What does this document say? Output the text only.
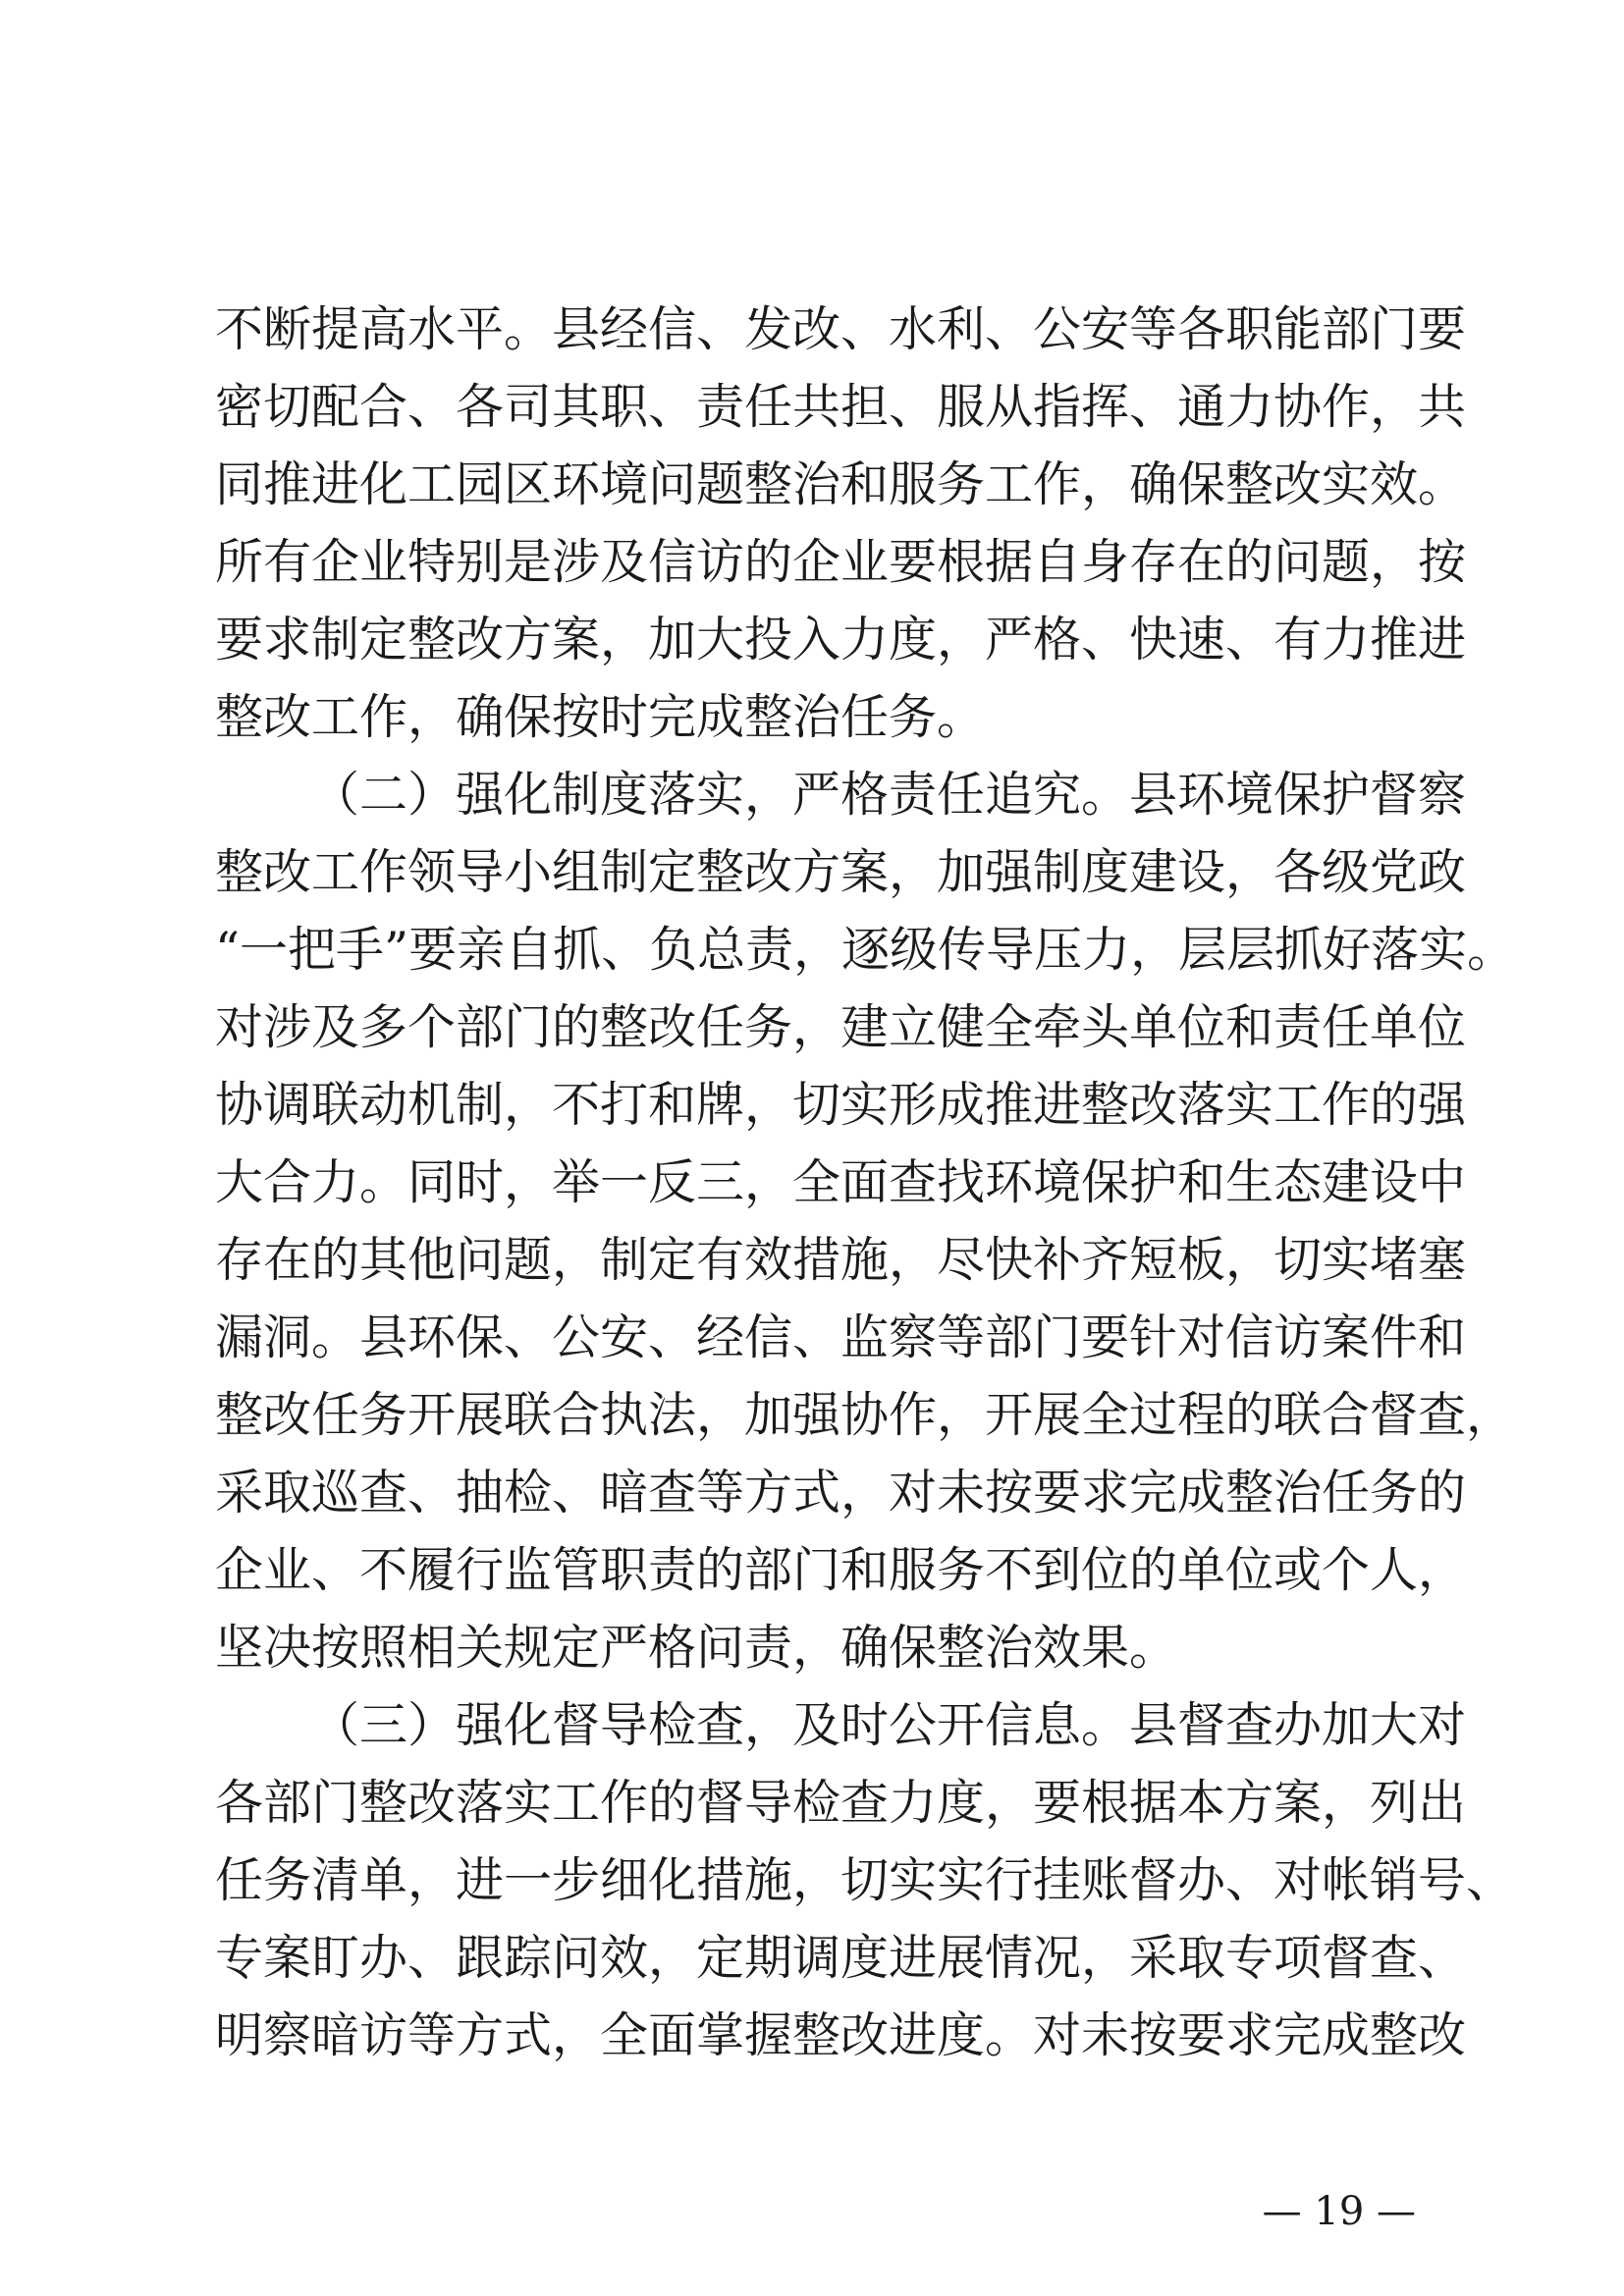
不断提高水平。县经信、发改、水利、公安等各职能部门要
密切配合、各司其职、责任共担、服从指挥、通力协作，共
同推进化工园区环境问题整治和服务工作，确保整改实效。
所有企业特别是涉及信访的企业要根据自身存在的问题，按
要求制定整改方案，加大投入力度，严格、快速、有力推进
整改工作，确保按时完成整治任务。
（二）强化制度落实，严格责任追究。县环境保护督察
整改工作领导小组制定整改方案，加强制度建设，各级党政
“一把手”要亲自抓、负总责，逐级传导压力，层层抓好落实。
对涉及多个部门的整改任务，建立健全牵头单位和责任单位
协调联动机制，不打和牌，切实形成推进整改落实工作的强
大合力。同时，举一反三，全面查找环境保护和生态建设中
存在的其他问题，制定有效措施，尽快补齐短板，切实堵塞
漏洞。县环保、公安、经信、监察等部门要针对信访案件和
整改任务开展联合执法，加强协作，开展全过程的联合督查，
采取巡查、抽检、暗查等方式，对未按要求完成整治任务的
企业、不履行监管职责的部门和服务不到位的单位或个人，
坚决按照相关规定严格问责，确保整治效果。
（三）强化督导检查，及时公开信息。县督查办加大对
各部门整改落实工作的督导检查力度，要根据本方案，列出
任务清单，进一步细化措施，切实实行挂账督办、对帐销号、
专案盯办、跟踪问效，定期调度进展情况，采取专项督查、
明察暗访等方式，全面掌握整改进度。对未按要求完成整改
— 19 —
